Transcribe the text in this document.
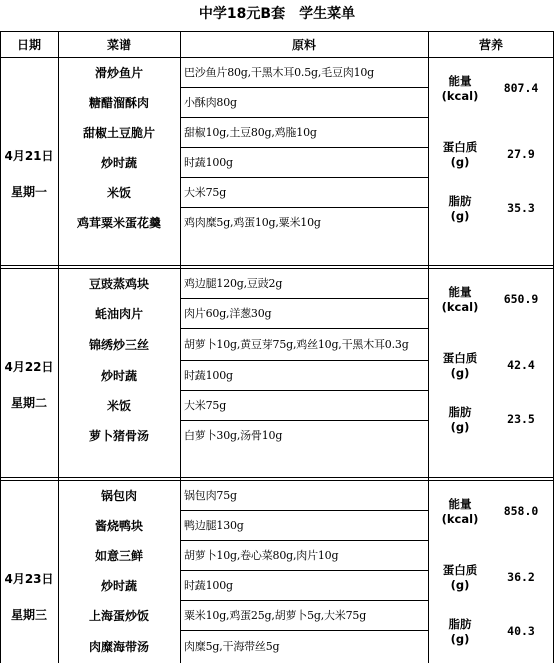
中学18元B套　学生菜单
日期	菜谱	原料	营养
4月21日
星期一
滑炒鱼片	巴沙鱼片80g,干黑木耳0.5g,毛豆肉10g
糖醋溜酥肉	小酥肉80g
甜椒土豆脆片	甜椒10g,土豆80g,鸡胣10g
炒时蔬	时蔬100g
米饭	大米75g
鸡茸粟米蛋花羹	鸡肉糜5g,鸡蛋10g,粟米10g
能量
(kcal)
807.4
蛋白质
(g)
27.9
脂肪
(g)
35.3
4月22日
星期二
豆豉蒸鸡块	鸡边腿120g,豆豉2g
蚝油肉片	肉片60g,洋葱30g
锦绣炒三丝	胡萝卜10g,黄豆芽75g,鸡丝10g,干黑木耳0.3g
炒时蔬	时蔬100g
米饭	大米75g
萝卜猪骨汤	白萝卜30g,汤骨10g
能量
(kcal)
650.9
蛋白质
(g)
42.4
脂肪
(g)
23.5
4月23日
星期三
锅包肉	锅包肉75g
酱烧鸭块	鸭边腿130g
如意三鲜	胡萝卜10g,卷心菜80g,肉片10g
炒时蔬	时蔬100g
上海蛋炒饭	粟米10g,鸡蛋25g,胡萝卜5g,大米75g
肉糜海带汤	肉糜5g,干海带丝5g
能量
(kcal)
858.0
蛋白质
(g)
36.2
脂肪
(g)
40.3
